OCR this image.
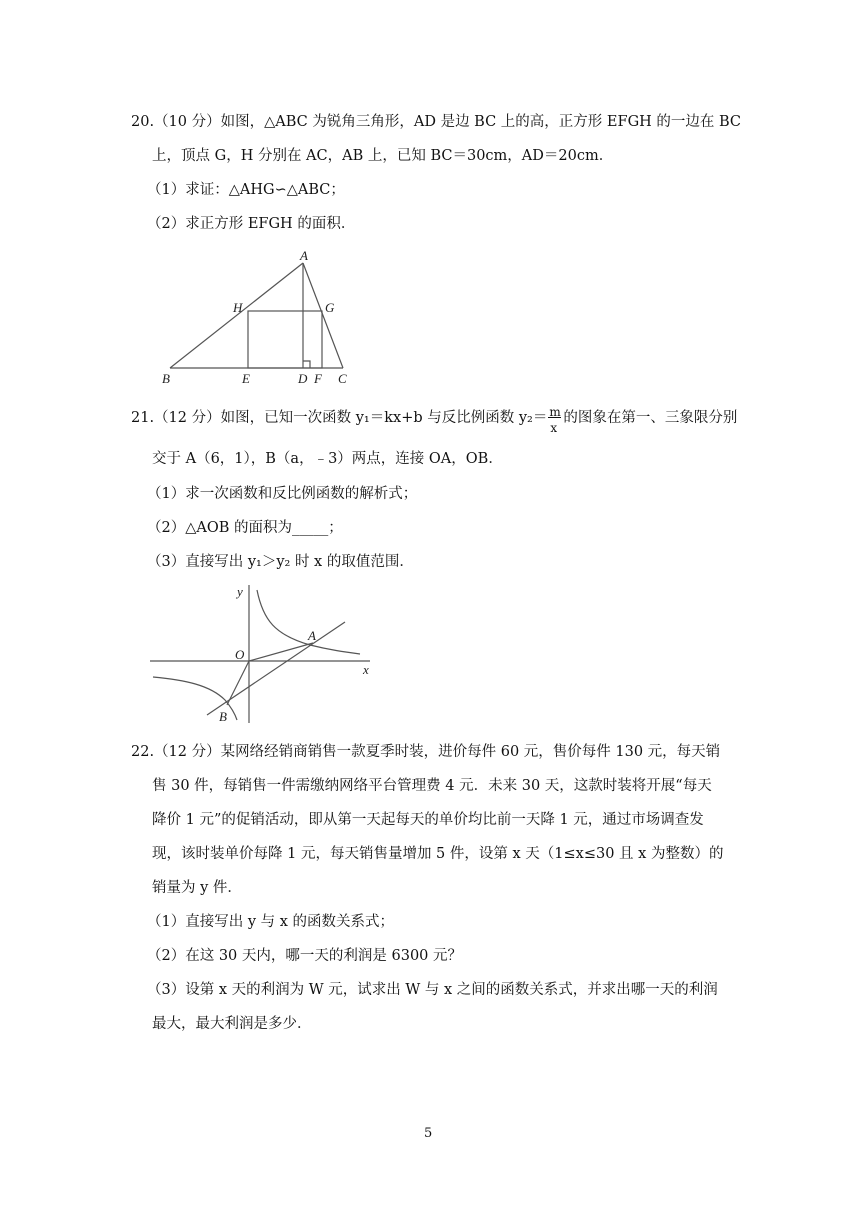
20.（10 分）如图，△ABC 为锐角三角形，AD 是边 BC 上的高，正方形 EFGH 的一边在 BC
上，顶点 G，H 分别在 AC，AB 上，已知 BC＝30cm，AD＝20cm．
（1）求证：△AHG∽△ABC；
（2）求正方形 EFGH 的面积．
A
H	G
B	E	D F C
21.（12 分）如图，已知一次函数 y₁＝kx+b 与反比例函数 $y_2= \frac{m}{x}$ 的图象在第一、三象限分别
交于 A（6，1），B（a，﹣3）两点，连接 OA，OB．
（1）求一次函数和反比例函数的解析式；
（2）△AOB 的面积为_____；
（3）直接写出 y₁＞y₂ 时 x 的取值范围．
y
O
A
x
B
22.（12 分）某网络经销商销售一款夏季时装，进价每件 60 元，售价每件 130 元，每天销
售 30 件，每销售一件需缴纳网络平台管理费 4 元．未来 30 天，这款时装将开展“每天
降价 1 元”的促销活动，即从第一天起每天的单价均比前一天降 1 元，通过市场调查发
现，该时装单价每降 1 元，每天销售量增加 5 件，设第 x 天（1≤x≤30 且 x 为整数）的
销量为 y 件．
（1）直接写出 y 与 x 的函数关系式；
（2）在这 30 天内，哪一天的利润是 6300 元？
（3）设第 x 天的利润为 W 元，试求出 W 与 x 之间的函数关系式，并求出哪一天的利润
最大，最大利润是多少．
5
